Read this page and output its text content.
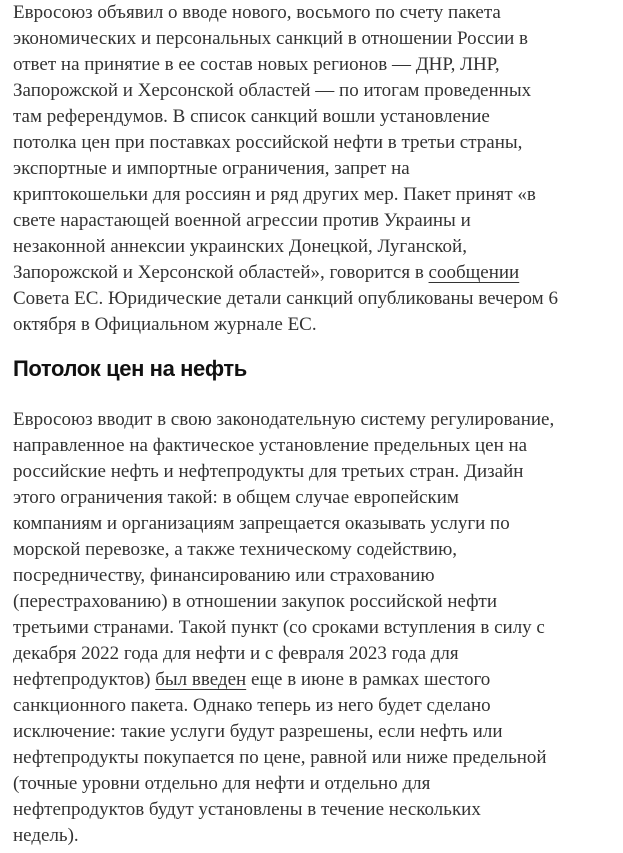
Евросоюз объявил о вводе нового, восьмого по счету пакета
экономических и персональных санкций в отношении России в
ответ на принятие в ее состав новых регионов — ДНР, ЛНР,
Запорожской и Херсонской областей — по итогам проведенных
там референдумов. В список санкций вошли установление
потолка цен при поставках российской нефти в третьи страны,
экспортные и импортные ограничения, запрет на
криптокошельки для россиян и ряд других мер. Пакет принят «в
свете нарастающей военной агрессии против Украины и
незаконной аннексии украинских Донецкой, Луганской,
Запорожской и Херсонской областей», говорится в сообщении
Совета ЕС. Юридические детали санкций опубликованы вечером 6
октября в Официальном журнале ЕС.
Потолок цен на нефть
Евросоюз вводит в свою законодательную систему регулирование,
направленное на фактическое установление предельных цен на
российские нефть и нефтепродукты для третьих стран. Дизайн
этого ограничения такой: в общем случае европейским
компаниям и организациям запрещается оказывать услуги по
морской перевозке, а также техническому содействию,
посредничеству, финансированию или страхованию
(перестрахованию) в отношении закупок российской нефти
третьими странами. Такой пункт (со сроками вступления в силу с
декабря 2022 года для нефти и с февраля 2023 года для
нефтепродуктов) был введен еще в июне в рамках шестого
санкционного пакета. Однако теперь из него будет сделано
исключение: такие услуги будут разрешены, если нефть или
нефтепродукты покупается по цене, равной или ниже предельной
(точные уровни отдельно для нефти и отдельно для
нефтепродуктов будут установлены в течение нескольких
недель).
